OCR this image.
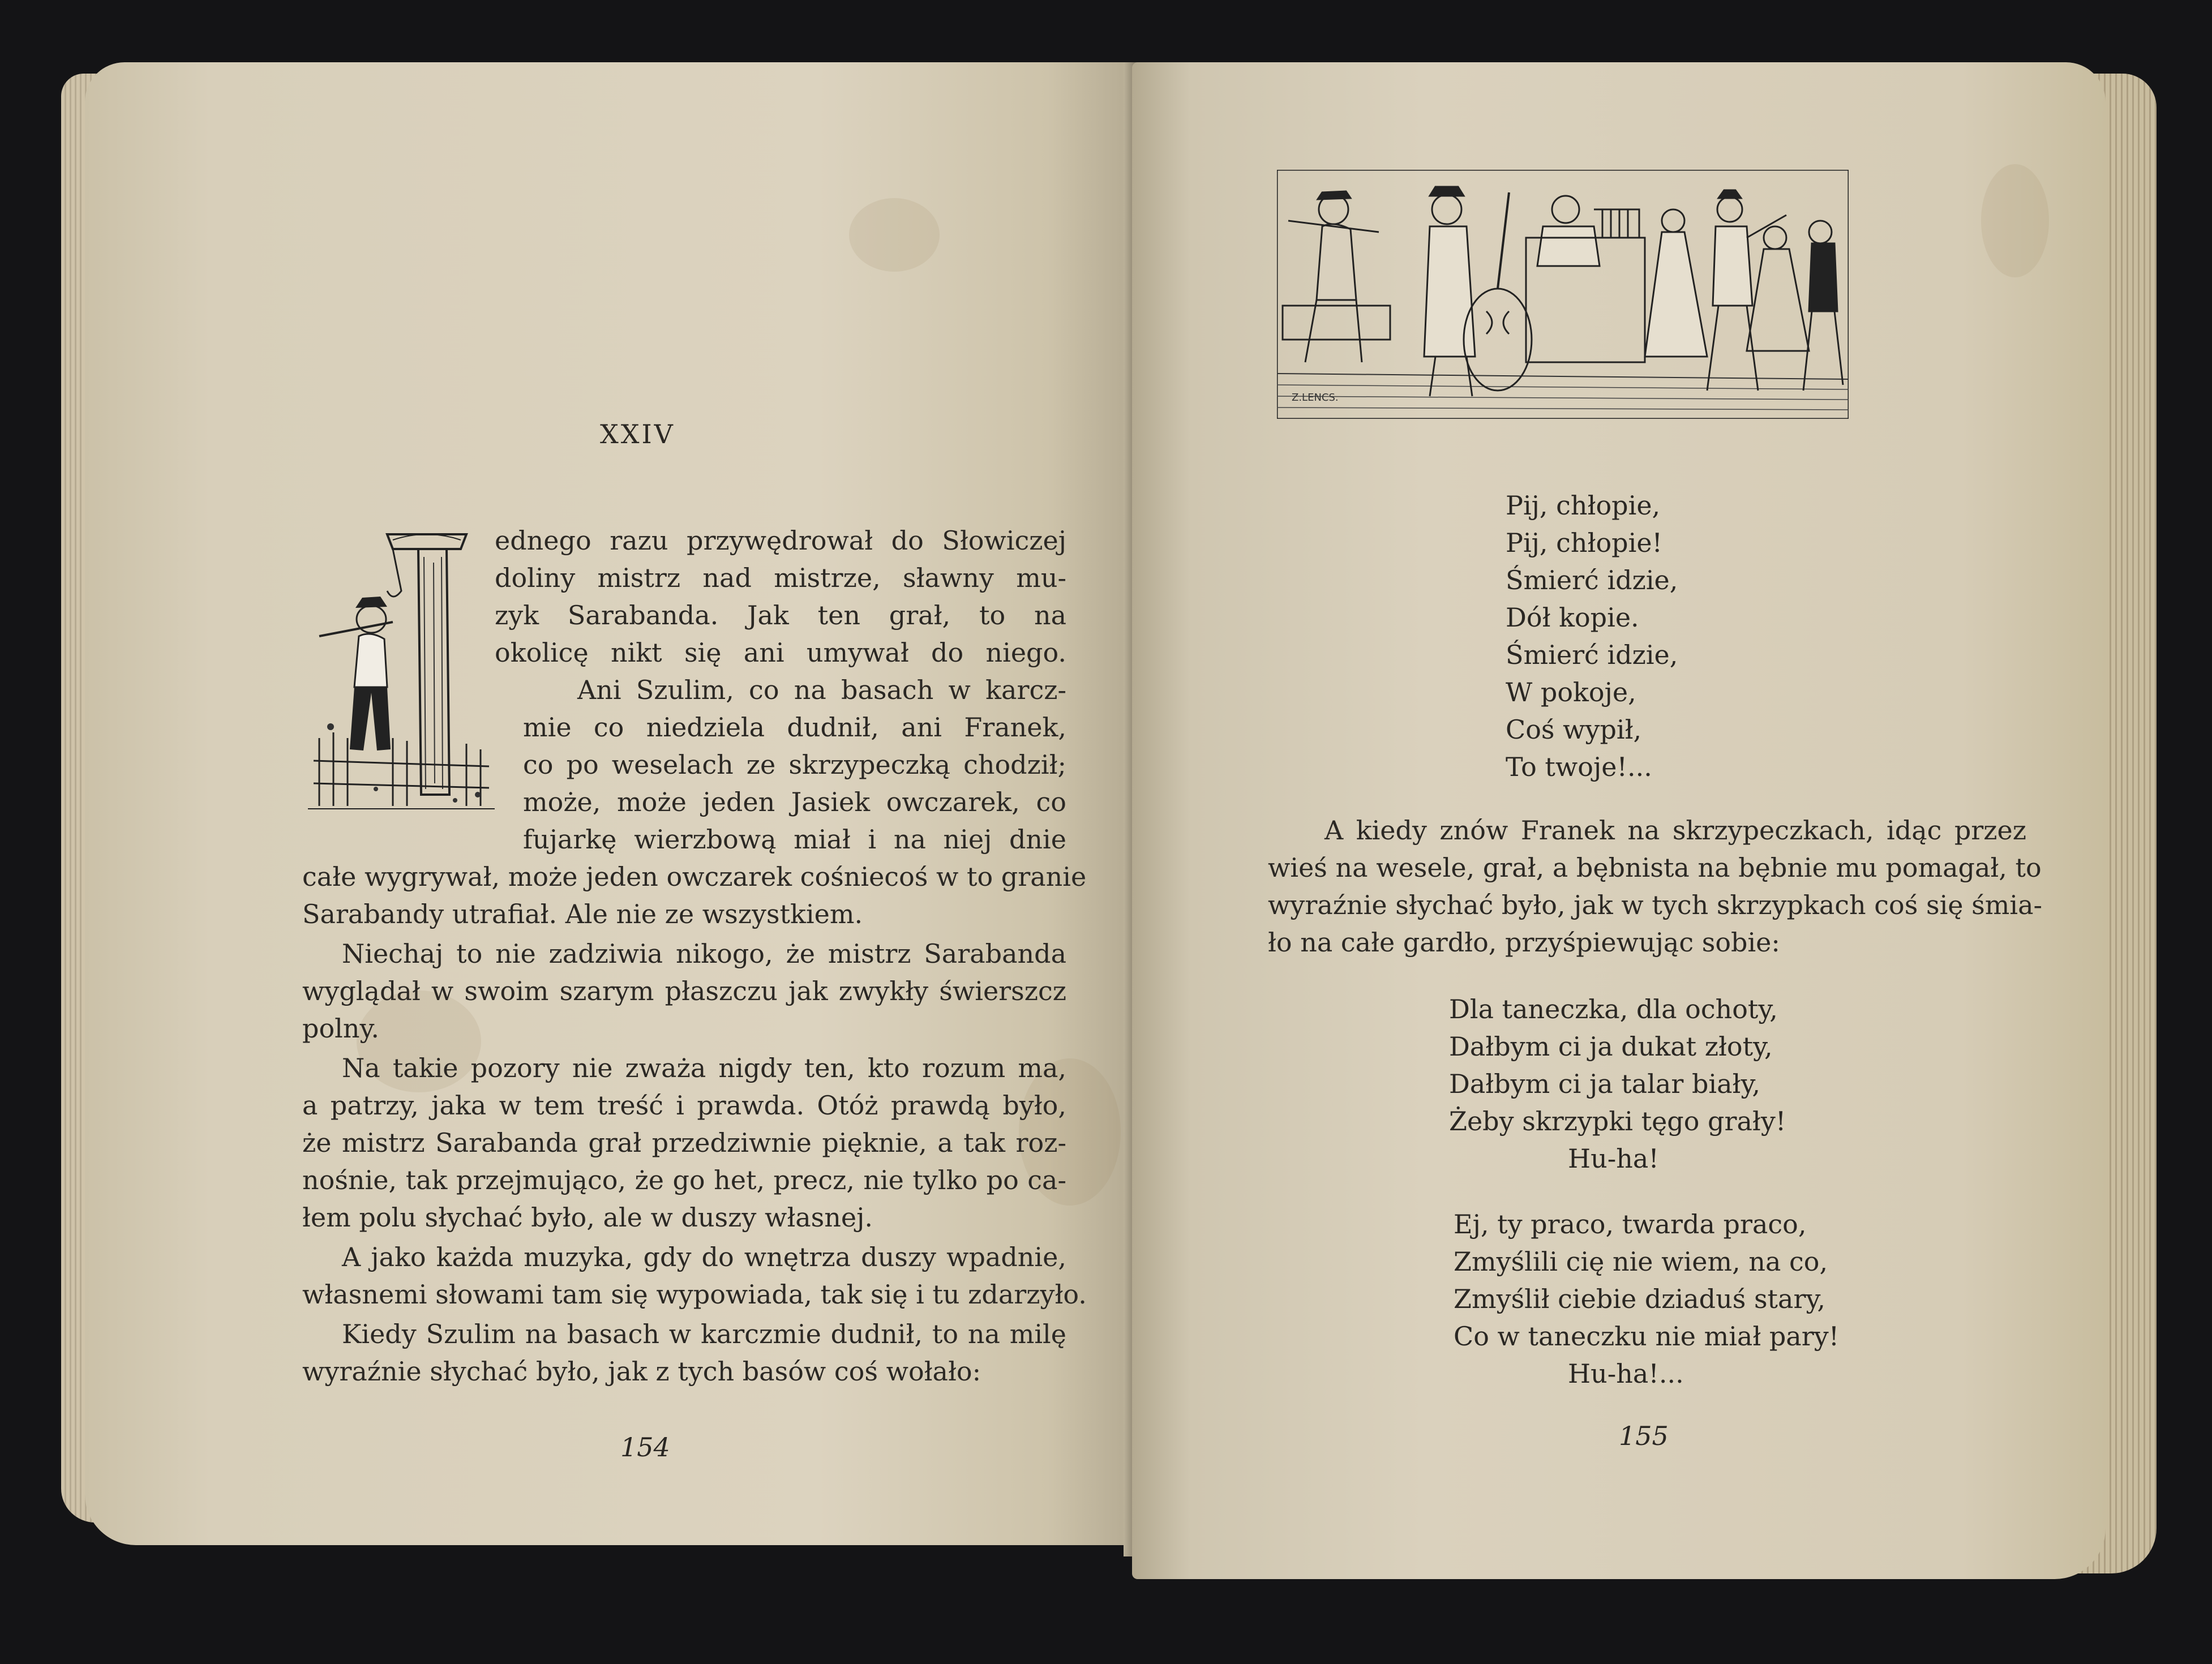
XXIV
ednego razu przywędrował do Słowiczej
doliny mistrz nad mistrze, sławny mu-
zyk Sarabanda. Jak ten grał, to na
okolicę nikt się ani umywał do niego.
Ani Szulim, co na basach w karcz-
mie co niedziela dudnił, ani Franek,
co po weselach ze skrzypeczką chodził;
może, może jeden Jasiek owczarek, co
fujarkę wierzbową miał i na niej dnie
całe wygrywał, może jeden owczarek cośniecoś w to granie
Sarabandy utrafiał. Ale nie ze wszystkiem.
Niechaj to nie zadziwia nikogo, że mistrz Sarabanda
wyglądał w swoim szarym płaszczu jak zwykły świerszcz
polny.
Na takie pozory nie zważa nigdy ten, kto rozum ma,
a patrzy, jaka w tem treść i prawda. Otóż prawdą było,
że mistrz Sarabanda grał przedziwnie pięknie, a tak roz-
nośnie, tak przejmująco, że go het, precz, nie tylko po ca-
łem polu słychać było, ale w duszy własnej.
A jako każda muzyka, gdy do wnętrza duszy wpadnie,
własnemi słowami tam się wypowiada, tak się i tu zdarzyło.
Kiedy Szulim na basach w karczmie dudnił, to na milę
wyraźnie słychać było, jak z tych basów coś wołało:
154
Z.LENCS.
Pij, chłopie,
Pij, chłopie!
Śmierć idzie,
Dół kopie.
Śmierć idzie,
W pokoje,
Coś wypił,
To twoje!...
A kiedy znów Franek na skrzypeczkach, idąc przez
wieś na wesele, grał, a bębnista na bębnie mu pomagał, to
wyraźnie słychać było, jak w tych skrzypkach coś się śmia-
ło na całe gardło, przyśpiewując sobie:
Dla taneczka, dla ochoty,
Dałbym ci ja dukat złoty,
Dałbym ci ja talar biały,
Żeby skrzypki tęgo grały!
Hu-ha!
Ej, ty praco, twarda praco,
Zmyślili cię nie wiem, na co,
Zmyślił ciebie dziaduś stary,
Co w taneczku nie miał pary!
Hu-ha!...
155
